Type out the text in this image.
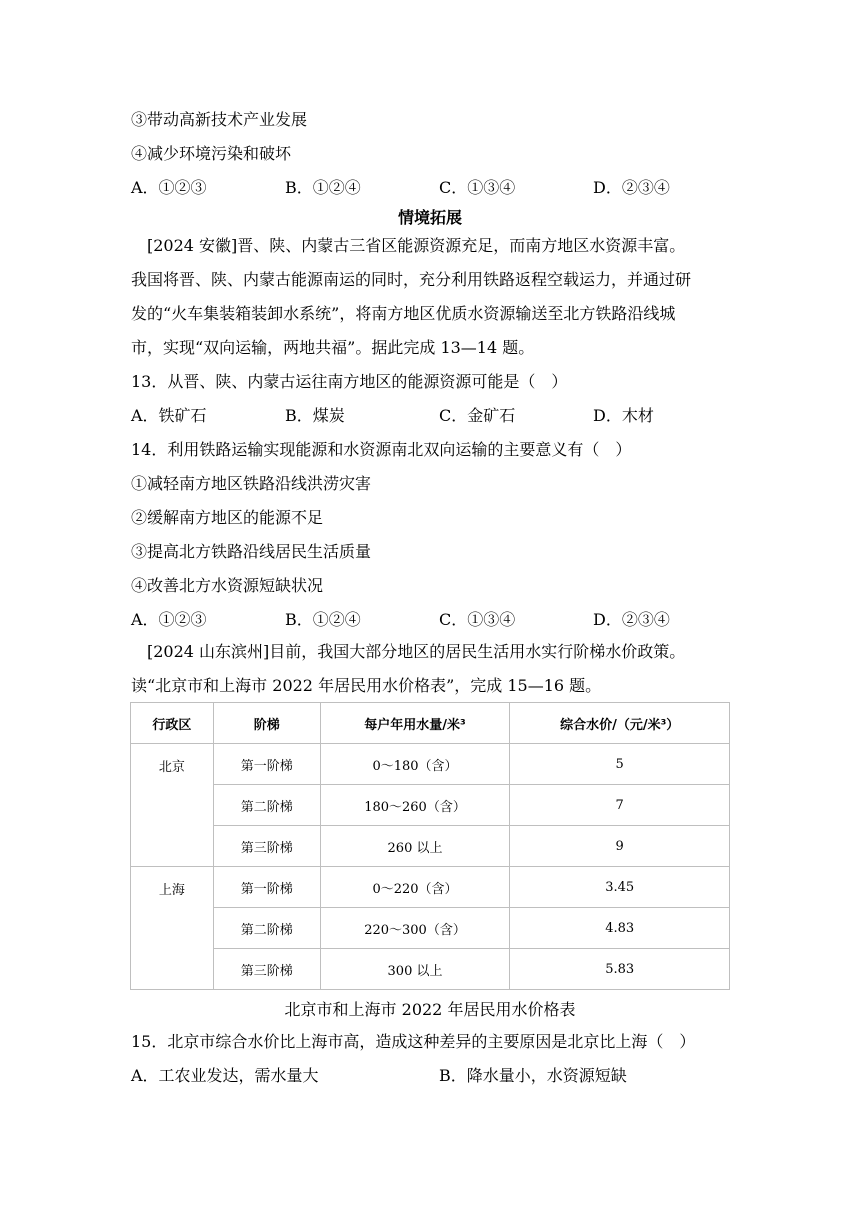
③带动高新技术产业发展
④减少环境污染和破坏
A．①②③	B．①②④	C．①③④	D．②③④
情境拓展
[2024 安徽]晋、陕、内蒙古三省区能源资源充足，而南方地区水资源丰富。
我国将晋、陕、内蒙古能源南运的同时，充分利用铁路返程空载运力，并通过研
发的“火车集装箱装卸水系统”，将南方地区优质水资源输送至北方铁路沿线城
市，实现“双向运输，两地共福”。据此完成 13—14 题。
13．从晋、陕、内蒙古运往南方地区的能源资源可能是（　）
A．铁矿石	B．煤炭	C．金矿石	D．木材
14．利用铁路运输实现能源和水资源南北双向运输的主要意义有（　）
①减轻南方地区铁路沿线洪涝灾害
②缓解南方地区的能源不足
③提高北方铁路沿线居民生活质量
④改善北方水资源短缺状况
A．①②③	B．①②④	C．①③④	D．②③④
[2024 山东滨州]目前，我国大部分地区的居民生活用水实行阶梯水价政策。
读“北京市和上海市 2022 年居民用水价格表”，完成 15—16 题。
行政区	阶梯	每户年用水量/米³	综合水价/（元/米³）
北京	第一阶梯	0～180（含）	5
	第二阶梯	180～260（含）	7
	第三阶梯	260 以上	9
上海	第一阶梯	0～220（含）	3.45
	第二阶梯	220～300（含）	4.83
	第三阶梯	300 以上	5.83
北京市和上海市 2022 年居民用水价格表
15．北京市综合水价比上海市高，造成这种差异的主要原因是北京比上海（　）
A．工农业发达，需水量大	B．降水量小，水资源短缺
